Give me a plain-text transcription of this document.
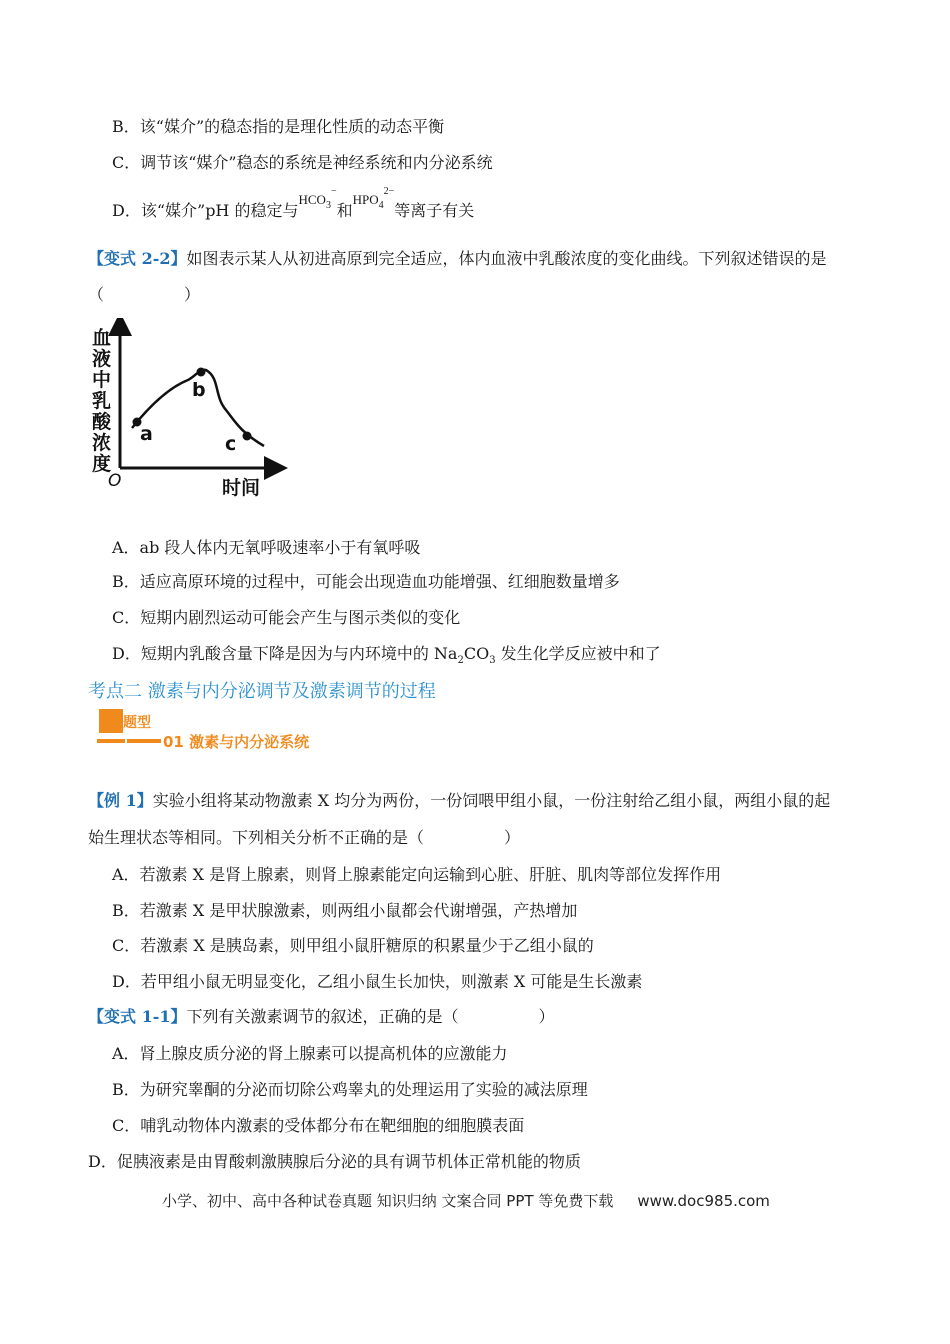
B．该“媒介”的稳态指的是理化性质的动态平衡
C．调节该“媒介”稳态的系统是神经系统和内分泌系统
D．该“媒介”pH 的稳定与$^{HCO_3^-}$和$^{HPO_4^{2-}}$等离子有关
【变式 2-2】如图表示某人从初进高原到完全适应，体内血液中乳酸浓度的变化曲线。下列叙述错误的是
（　　　　　）
血液中乳酸浓度
O	时间
a
b
c
A．ab 段人体内无氧呼吸速率小于有氧呼吸
B．适应高原环境的过程中，可能会出现造血功能增强、红细胞数量增多
C．短期内剧烈运动可能会产生与图示类似的变化
D．短期内乳酸含量下降是因为与内环境中的 $Na_2CO_3$ 发生化学反应被中和了
考点二 激素与内分泌调节及激素调节的过程
题型
01 激素与内分泌系统
【例 1】实验小组将某动物激素 X 均分为两份，一份饲喂甲组小鼠，一份注射给乙组小鼠，两组小鼠的起
始生理状态等相同。下列相关分析不正确的是（　　　　　）
A．若激素 X 是肾上腺素，则肾上腺素能定向运输到心脏、肝脏、肌肉等部位发挥作用
B．若激素 X 是甲状腺激素，则两组小鼠都会代谢增强，产热增加
C．若激素 X 是胰岛素，则甲组小鼠肝糖原的积累量少于乙组小鼠的
D．若甲组小鼠无明显变化，乙组小鼠生长加快，则激素 X 可能是生长激素
【变式 1-1】下列有关激素调节的叙述，正确的是（　　　　　）
A．肾上腺皮质分泌的肾上腺素可以提高机体的应激能力
B．为研究睾酮的分泌而切除公鸡睾丸的处理运用了实验的减法原理
C．哺乳动物体内激素的受体都分布在靶细胞的细胞膜表面
D．促胰液素是由胃酸刺激胰腺后分泌的具有调节机体正常机能的物质
小学、初中、高中各种试卷真题 知识归纳 文案合同 PPT 等免费下载 www.doc985.com
